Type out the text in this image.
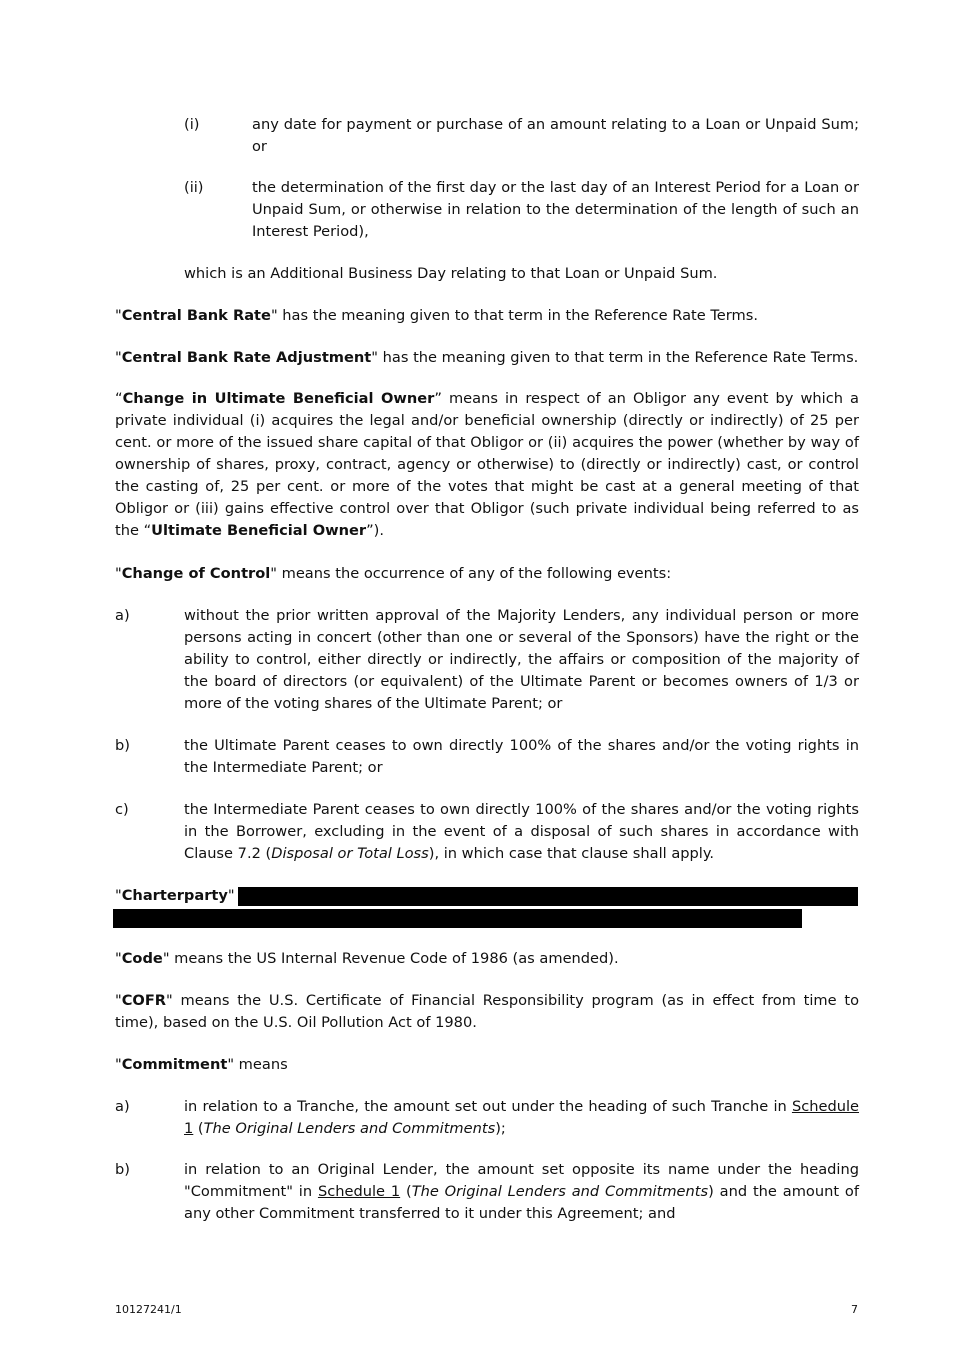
(i)	any date for payment or purchase of an amount relating to a Loan or Unpaid Sum; or
(ii)	the determination of the first day or the last day of an Interest Period for a Loan or Unpaid Sum, or otherwise in relation to the determination of the length of such an Interest Period),
which is an Additional Business Day relating to that Loan or Unpaid Sum.

"Central Bank Rate" has the meaning given to that term in the Reference Rate Terms.

"Central Bank Rate Adjustment" has the meaning given to that term in the Reference Rate Terms.

“Change in Ultimate Beneficial Owner” means in respect of an Obligor any event by which a private individual (i) acquires the legal and/or beneficial ownership (directly or indirectly) of 25 per cent. or more of the issued share capital of that Obligor or (ii) acquires the power (whether by way of ownership of shares, proxy, contract, agency or otherwise) to (directly or indirectly) cast, or control the casting of, 25 per cent. or more of the votes that might be cast at a general meeting of that Obligor or (iii) gains effective control over that Obligor (such private individual being referred to as the “Ultimate Beneficial Owner”).

"Change of Control" means the occurrence of any of the following events:

a)	without the prior written approval of the Majority Lenders, any individual person or more persons acting in concert (other than one or several of the Sponsors) have the right or the ability to control, either directly or indirectly, the affairs or composition of the majority of the board of directors (or equivalent) of the Ultimate Parent or becomes owners of 1/3 or more of the voting shares of the Ultimate Parent; or
b)	the Ultimate Parent ceases to own directly 100% of the shares and/or the voting rights in the Intermediate Parent; or
c)	the Intermediate Parent ceases to own directly 100% of the shares and/or the voting rights in the Borrower, excluding in the event of a disposal of such shares in accordance with Clause 7.2 (Disposal or Total Loss), in which case that clause shall apply.

"Charterparty"

"Code" means the US Internal Revenue Code of 1986 (as amended).

"COFR" means the U.S. Certificate of Financial Responsibility program (as in effect from time to time), based on the U.S. Oil Pollution Act of 1980.

"Commitment" means

a)	in relation to a Tranche, the amount set out under the heading of such Tranche in Schedule 1 (The Original Lenders and Commitments);
b)	in relation to an Original Lender, the amount set opposite its name under the heading "Commitment" in Schedule 1 (The Original Lenders and Commitments) and the amount of any other Commitment transferred to it under this Agreement; and
10127241/1	7
